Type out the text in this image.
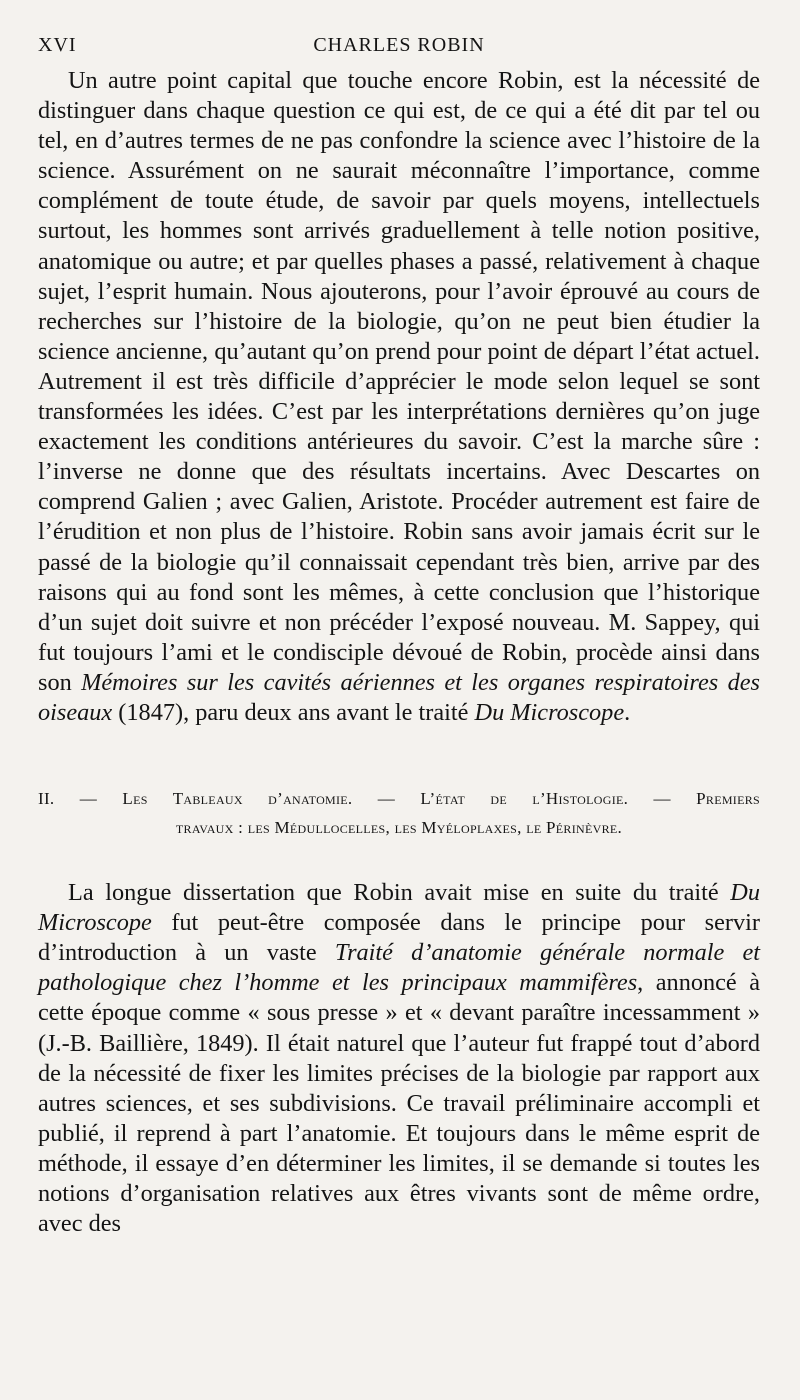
XVI	CHARLES ROBIN

Un autre point capital que touche encore Robin, est la nécessité de distinguer dans chaque question ce qui est, de ce qui a été dit par tel ou tel, en d’autres termes de ne pas confondre la science avec l’histoire de la science. Assurément on ne saurait méconnaître l’importance, comme complément de toute étude, de savoir par quels moyens, intellectuels surtout, les hommes sont arrivés graduellement à telle notion positive, anatomique ou autre; et par quelles phases a passé, relativement à chaque sujet, l’esprit humain. Nous ajouterons, pour l’avoir éprouvé au cours de recherches sur l’histoire de la biologie, qu’on ne peut bien étudier la science ancienne, qu’autant qu’on prend pour point de départ l’état actuel. Autrement il est très difficile d’apprécier le mode selon lequel se sont transformées les idées. C’est par les interprétations dernières qu’on juge exactement les conditions antérieures du savoir. C’est la marche sûre : l’inverse ne donne que des résultats incertains. Avec Descartes on comprend Galien ; avec Galien, Aristote. Procéder autrement est faire de l’érudition et non plus de l’histoire. Robin sans avoir jamais écrit sur le passé de la biologie qu’il connaissait cependant très bien, arrive par des raisons qui au fond sont les mêmes, à cette conclusion que l’historique d’un sujet doit suivre et non précéder l’exposé nouveau. M. Sappey, qui fut toujours l’ami et le condisciple dévoué de Robin, procède ainsi dans son Mémoires sur les cavités aériennes et les organes respiratoires des oiseaux (1847), paru deux ans avant le traité Du Microscope.

II. — Les Tableaux d’anatomie. — L’état de l’Histologie. — Premiers
travaux : les Médullocelles, les Myéloplaxes, le Périnèvre.

La longue dissertation que Robin avait mise en suite du traité Du Microscope fut peut-être composée dans le principe pour servir d’introduction à un vaste Traité d’anatomie générale normale et pathologique chez l’homme et les principaux mammifères, annoncé à cette époque comme « sous presse » et « devant paraître incessamment » (J.-B. Baillière, 1849). Il était naturel que l’auteur fut frappé tout d’abord de la nécessité de fixer les limites précises de la biologie par rapport aux autres sciences, et ses subdivisions. Ce travail préliminaire accompli et publié, il reprend à part l’anatomie. Et toujours dans le même esprit de méthode, il essaye d’en déterminer les limites, il se demande si toutes les notions d’organisation relatives aux êtres vivants sont de même ordre, avec des
